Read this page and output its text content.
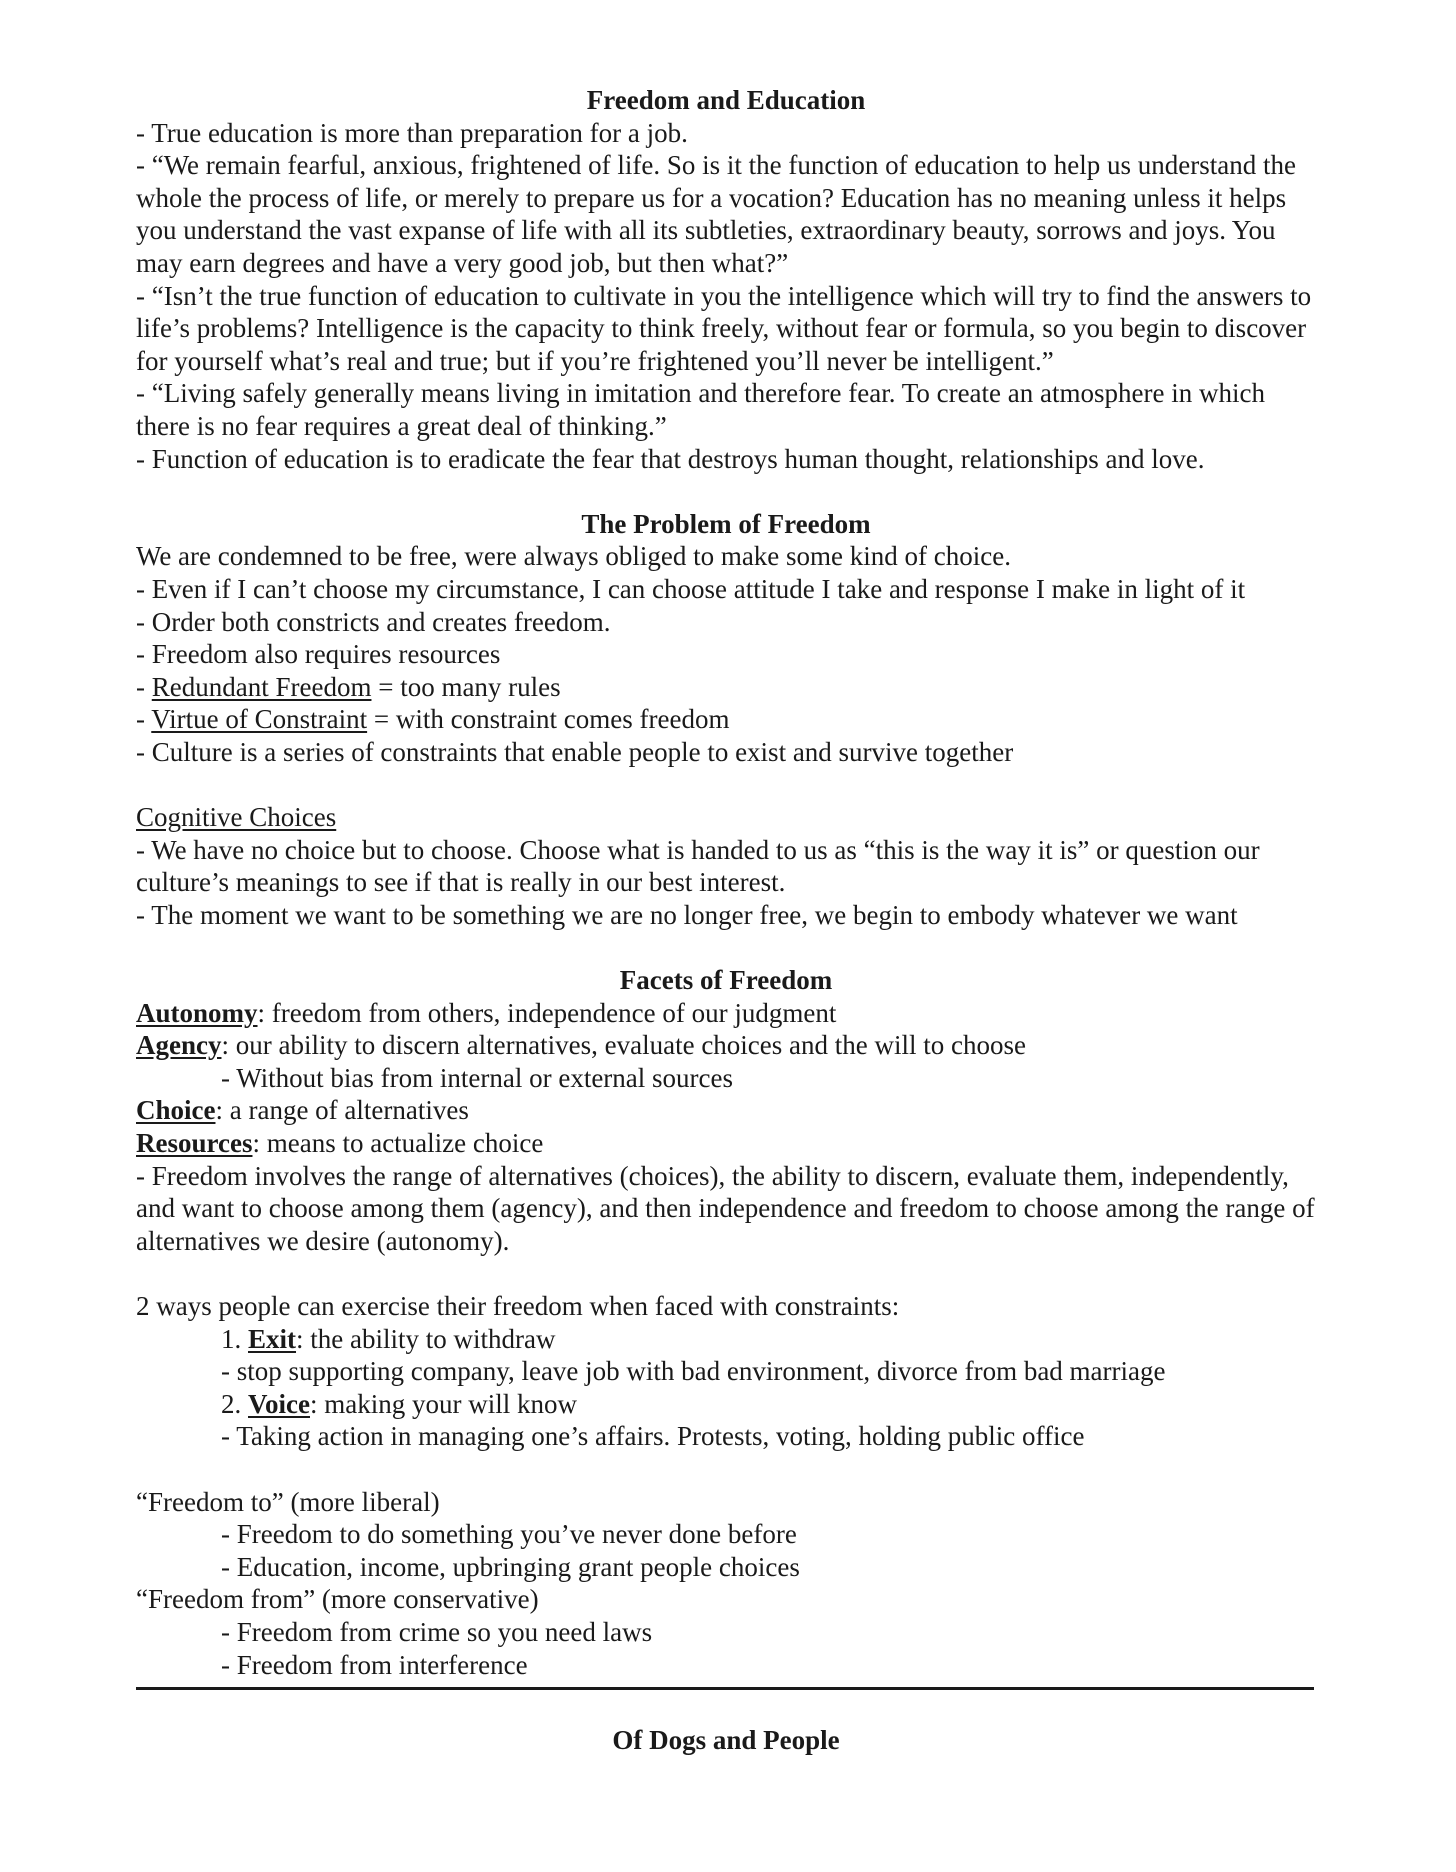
Freedom and Education

- True education is more than preparation for a job.

- “We remain fearful, anxious, frightened of life. So is it the function of education to help us understand the whole the process of life, or merely to prepare us for a vocation? Education has no meaning unless it helps you understand the vast expanse of life with all its subtleties, extraordinary beauty, sorrows and joys. You may earn degrees and have a very good job, but then what?”

- “Isn’t the true function of education to cultivate in you the intelligence which will try to find the answers to life’s problems? Intelligence is the capacity to think freely, without fear or formula, so you begin to discover for yourself what’s real and true; but if you’re frightened you’ll never be intelligent.”

- “Living safely generally means living in imitation and therefore fear. To create an atmosphere in which there is no fear requires a great deal of thinking.”

- Function of education is to eradicate the fear that destroys human thought, relationships and love.

The Problem of Freedom

We are condemned to be free, were always obliged to make some kind of choice.

- Even if I can’t choose my circumstance, I can choose attitude I take and response I make in light of it

- Order both constricts and creates freedom.

- Freedom also requires resources

- Redundant Freedom = too many rules

- Virtue of Constraint = with constraint comes freedom

- Culture is a series of constraints that enable people to exist and survive together

Cognitive Choices

- We have no choice but to choose. Choose what is handed to us as “this is the way it is” or question our culture’s meanings to see if that is really in our best interest.

- The moment we want to be something we are no longer free, we begin to embody whatever we want

Facets of Freedom

Autonomy: freedom from others, independence of our judgment

Agency: our ability to discern alternatives, evaluate choices and the will to choose

- Without bias from internal or external sources

Choice: a range of alternatives

Resources: means to actualize choice

- Freedom involves the range of alternatives (choices), the ability to discern, evaluate them, independently, and want to choose among them (agency), and then independence and freedom to choose among the range of alternatives we desire (autonomy).

2 ways people can exercise their freedom when faced with constraints:

1. Exit: the ability to withdraw

- stop supporting company, leave job with bad environment, divorce from bad marriage

2. Voice: making your will know

- Taking action in managing one’s affairs. Protests, voting, holding public office

“Freedom to” (more liberal)

- Freedom to do something you’ve never done before

- Education, income, upbringing grant people choices

“Freedom from” (more conservative)

- Freedom from crime so you need laws

- Freedom from interference

Of Dogs and People
